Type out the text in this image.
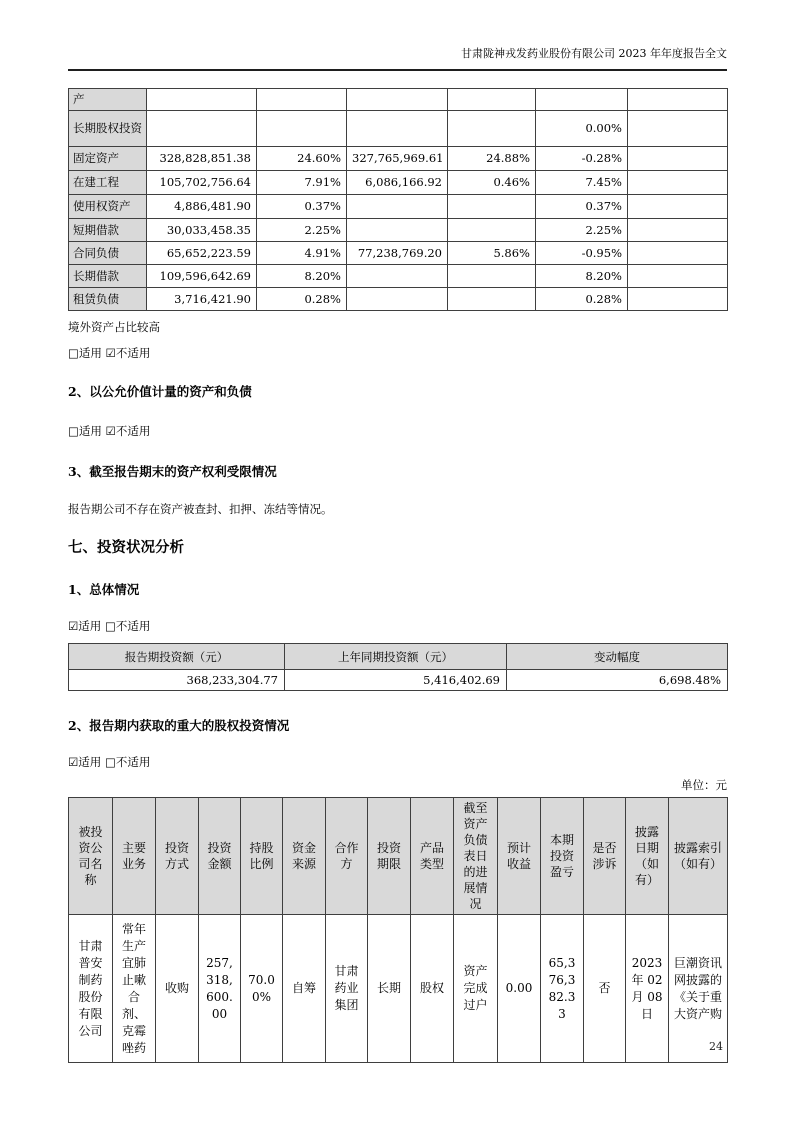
甘肃陇神戎发药业股份有限公司 2023 年年度报告全文
产						
长期股权投资					0.00%	
固定资产	328,828,851.38	24.60%	327,765,969.61	24.88%	-0.28%	
在建工程	105,702,756.64	7.91%	6,086,166.92	0.46%	7.45%	
使用权资产	4,886,481.90	0.37%			0.37%	
短期借款	30,033,458.35	2.25%			2.25%	
合同负债	65,652,223.59	4.91%	77,238,769.20	5.86%	-0.95%	
长期借款	109,596,642.69	8.20%			8.20%	
租赁负债	3,716,421.90	0.28%			0.28%	

境外资产占比较高

□适用 ☑不适用

2、以公允价值计量的资产和负债

□适用 ☑不适用

3、截至报告期末的资产权利受限情况

报告期公司不存在资产被查封、扣押、冻结等情况。

七、投资状况分析
1、总体情况

☑适用 □不适用

报告期投资额（元）	上年同期投资额（元）	变动幅度
368,233,304.77	5,416,402.69	6,698.48%
2、报告期内获取的重大的股权投资情况

☑适用 □不适用

单位：元

被投资公司名称	主要业务	投资方式	投资金额	持股比例	资金来源	合作方	投资期限	产品类型	截至资产负债表日的进展情况	预计收益	本期投资盈亏	是否涉诉	披露日期（如有）	披露索引（如有）
甘肃普安制药股份有限公司	常年生产宜肺止嗽合剂、克霉唑药	收购	257,318,600.00	70.00%	自筹	甘肃药业集团	长期	股权	资产完成过户	0.00	65,376,382.33	否	2023 年 02 月 08 日	巨潮资讯网披露的《关于重大资产购
24
